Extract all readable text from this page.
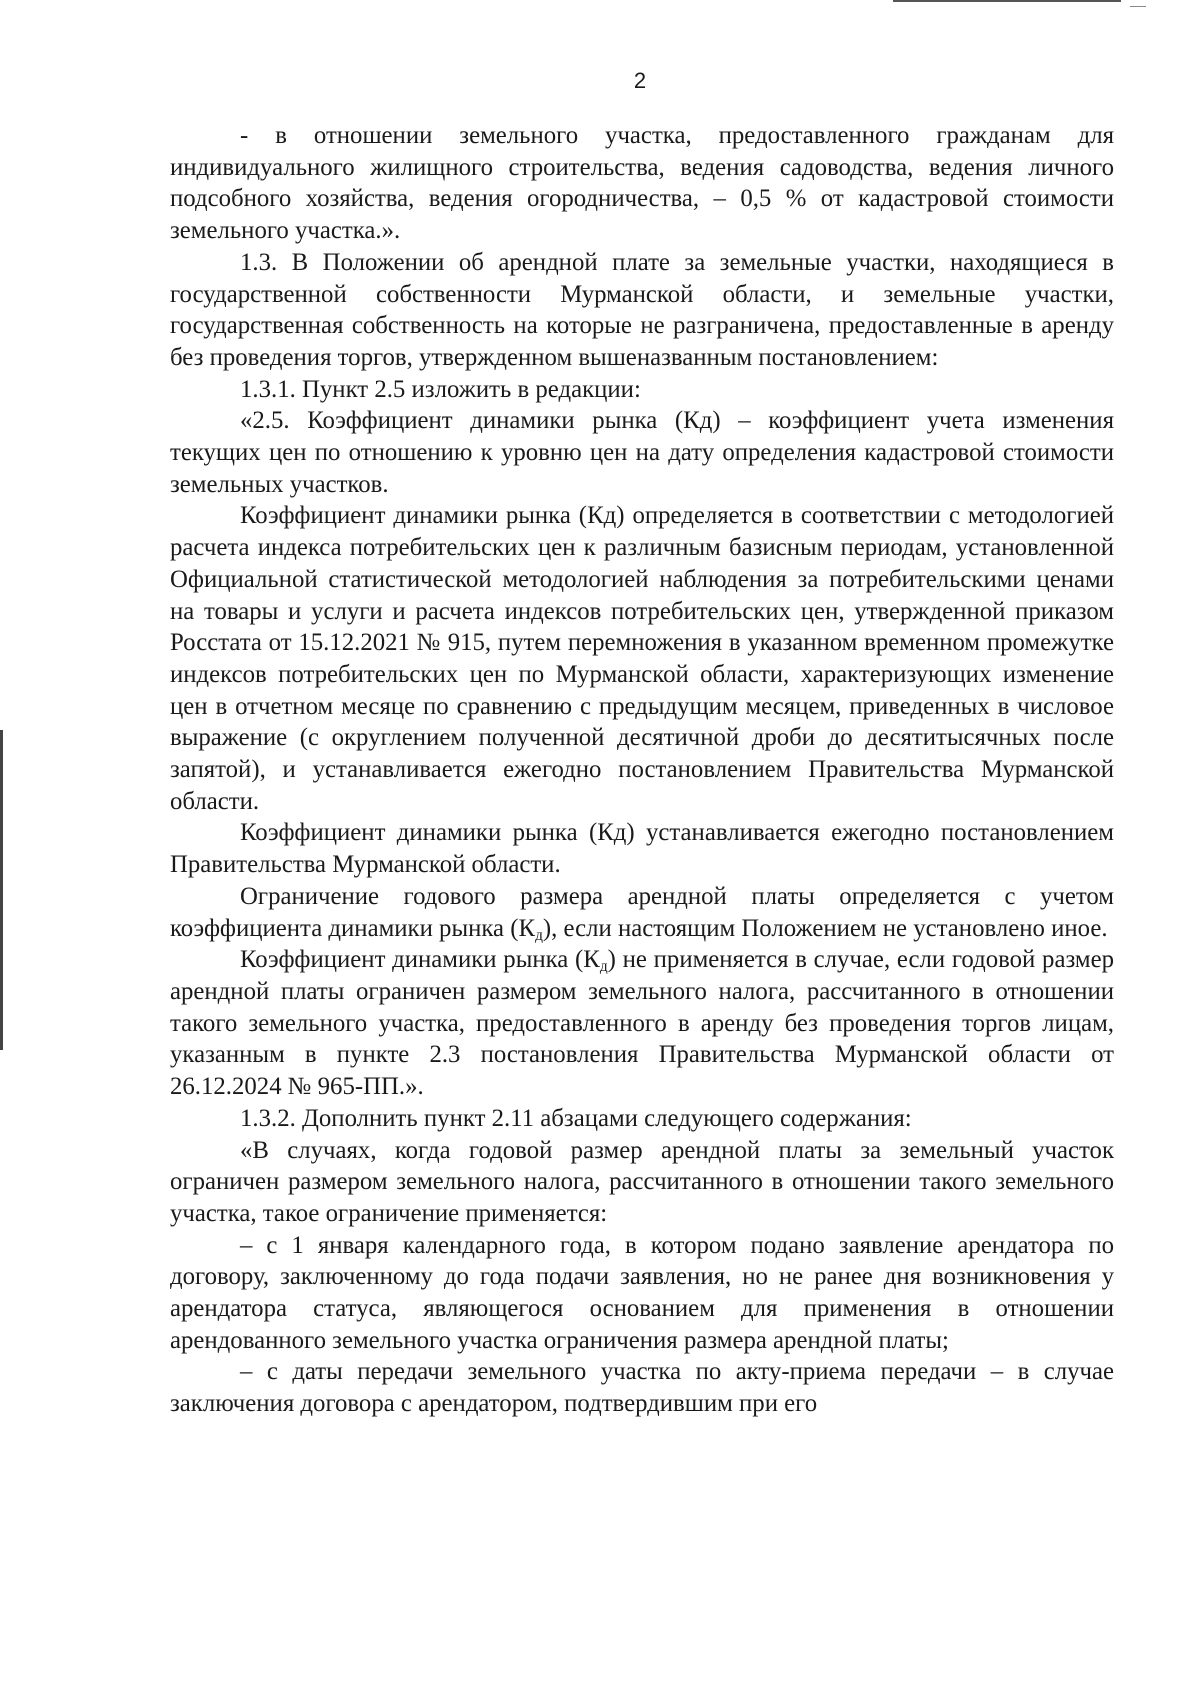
2

- в отношении земельного участка, предоставленного гражданам для индивидуального жилищного строительства, ведения садоводства, ведения личного подсобного хозяйства, ведения огородничества, – 0,5 % от кадастровой стоимости земельного участка.».

1.3. В Положении об арендной плате за земельные участки, находящиеся в государственной собственности Мурманской области, и земельные участки, государственная собственность на которые не разграничена, предоставленные в аренду без проведения торгов, утвержденном вышеназванным постановлением:

1.3.1. Пункт 2.5 изложить в редакции:

«2.5. Коэффициент динамики рынка (Кд) – коэффициент учета изменения текущих цен по отношению к уровню цен на дату определения кадастровой стоимости земельных участков.

Коэффициент динамики рынка (Кд) определяется в соответствии с методологией расчета индекса потребительских цен к различным базисным периодам, установленной Официальной статистической методологией наблюдения за потребительскими ценами на товары и услуги и расчета индексов потребительских цен, утвержденной приказом Росстата от 15.12.2021 № 915, путем перемножения в указанном временном промежутке индексов потребительских цен по Мурманской области, характеризующих изменение цен в отчетном месяце по сравнению с предыдущим месяцем, приведенных в числовое выражение (с округлением полученной десятичной дроби до десятитысячных после запятой), и устанавливается ежегодно постановлением Правительства Мурманской области.

Коэффициент динамики рынка (Кд) устанавливается ежегодно постановлением Правительства Мурманской области.

Ограничение годового размера арендной платы определяется с учетом коэффициента динамики рынка $(К_д)$, если настоящим Положением не установлено иное.

Коэффициент динамики рынка $(К_д)$ не применяется в случае, если годовой размер арендной платы ограничен размером земельного налога, рассчитанного в отношении такого земельного участка, предоставленного в аренду без проведения торгов лицам, указанным в пункте 2.3 постановления Правительства Мурманской области от 26.12.2024 № 965-ПП.».

1.3.2. Дополнить пункт 2.11 абзацами следующего содержания:

«В случаях, когда годовой размер арендной платы за земельный участок ограничен размером земельного налога, рассчитанного в отношении такого земельного участка, такое ограничение применяется:

– с 1 января календарного года, в котором подано заявление арендатора по договору, заключенному до года подачи заявления, но не ранее дня возникновения у арендатора статуса, являющегося основанием для применения в отношении арендованного земельного участка ограничения размера арендной платы;

– с даты передачи земельного участка по акту-приема передачи – в случае заключения договора с арендатором, подтвердившим при его
